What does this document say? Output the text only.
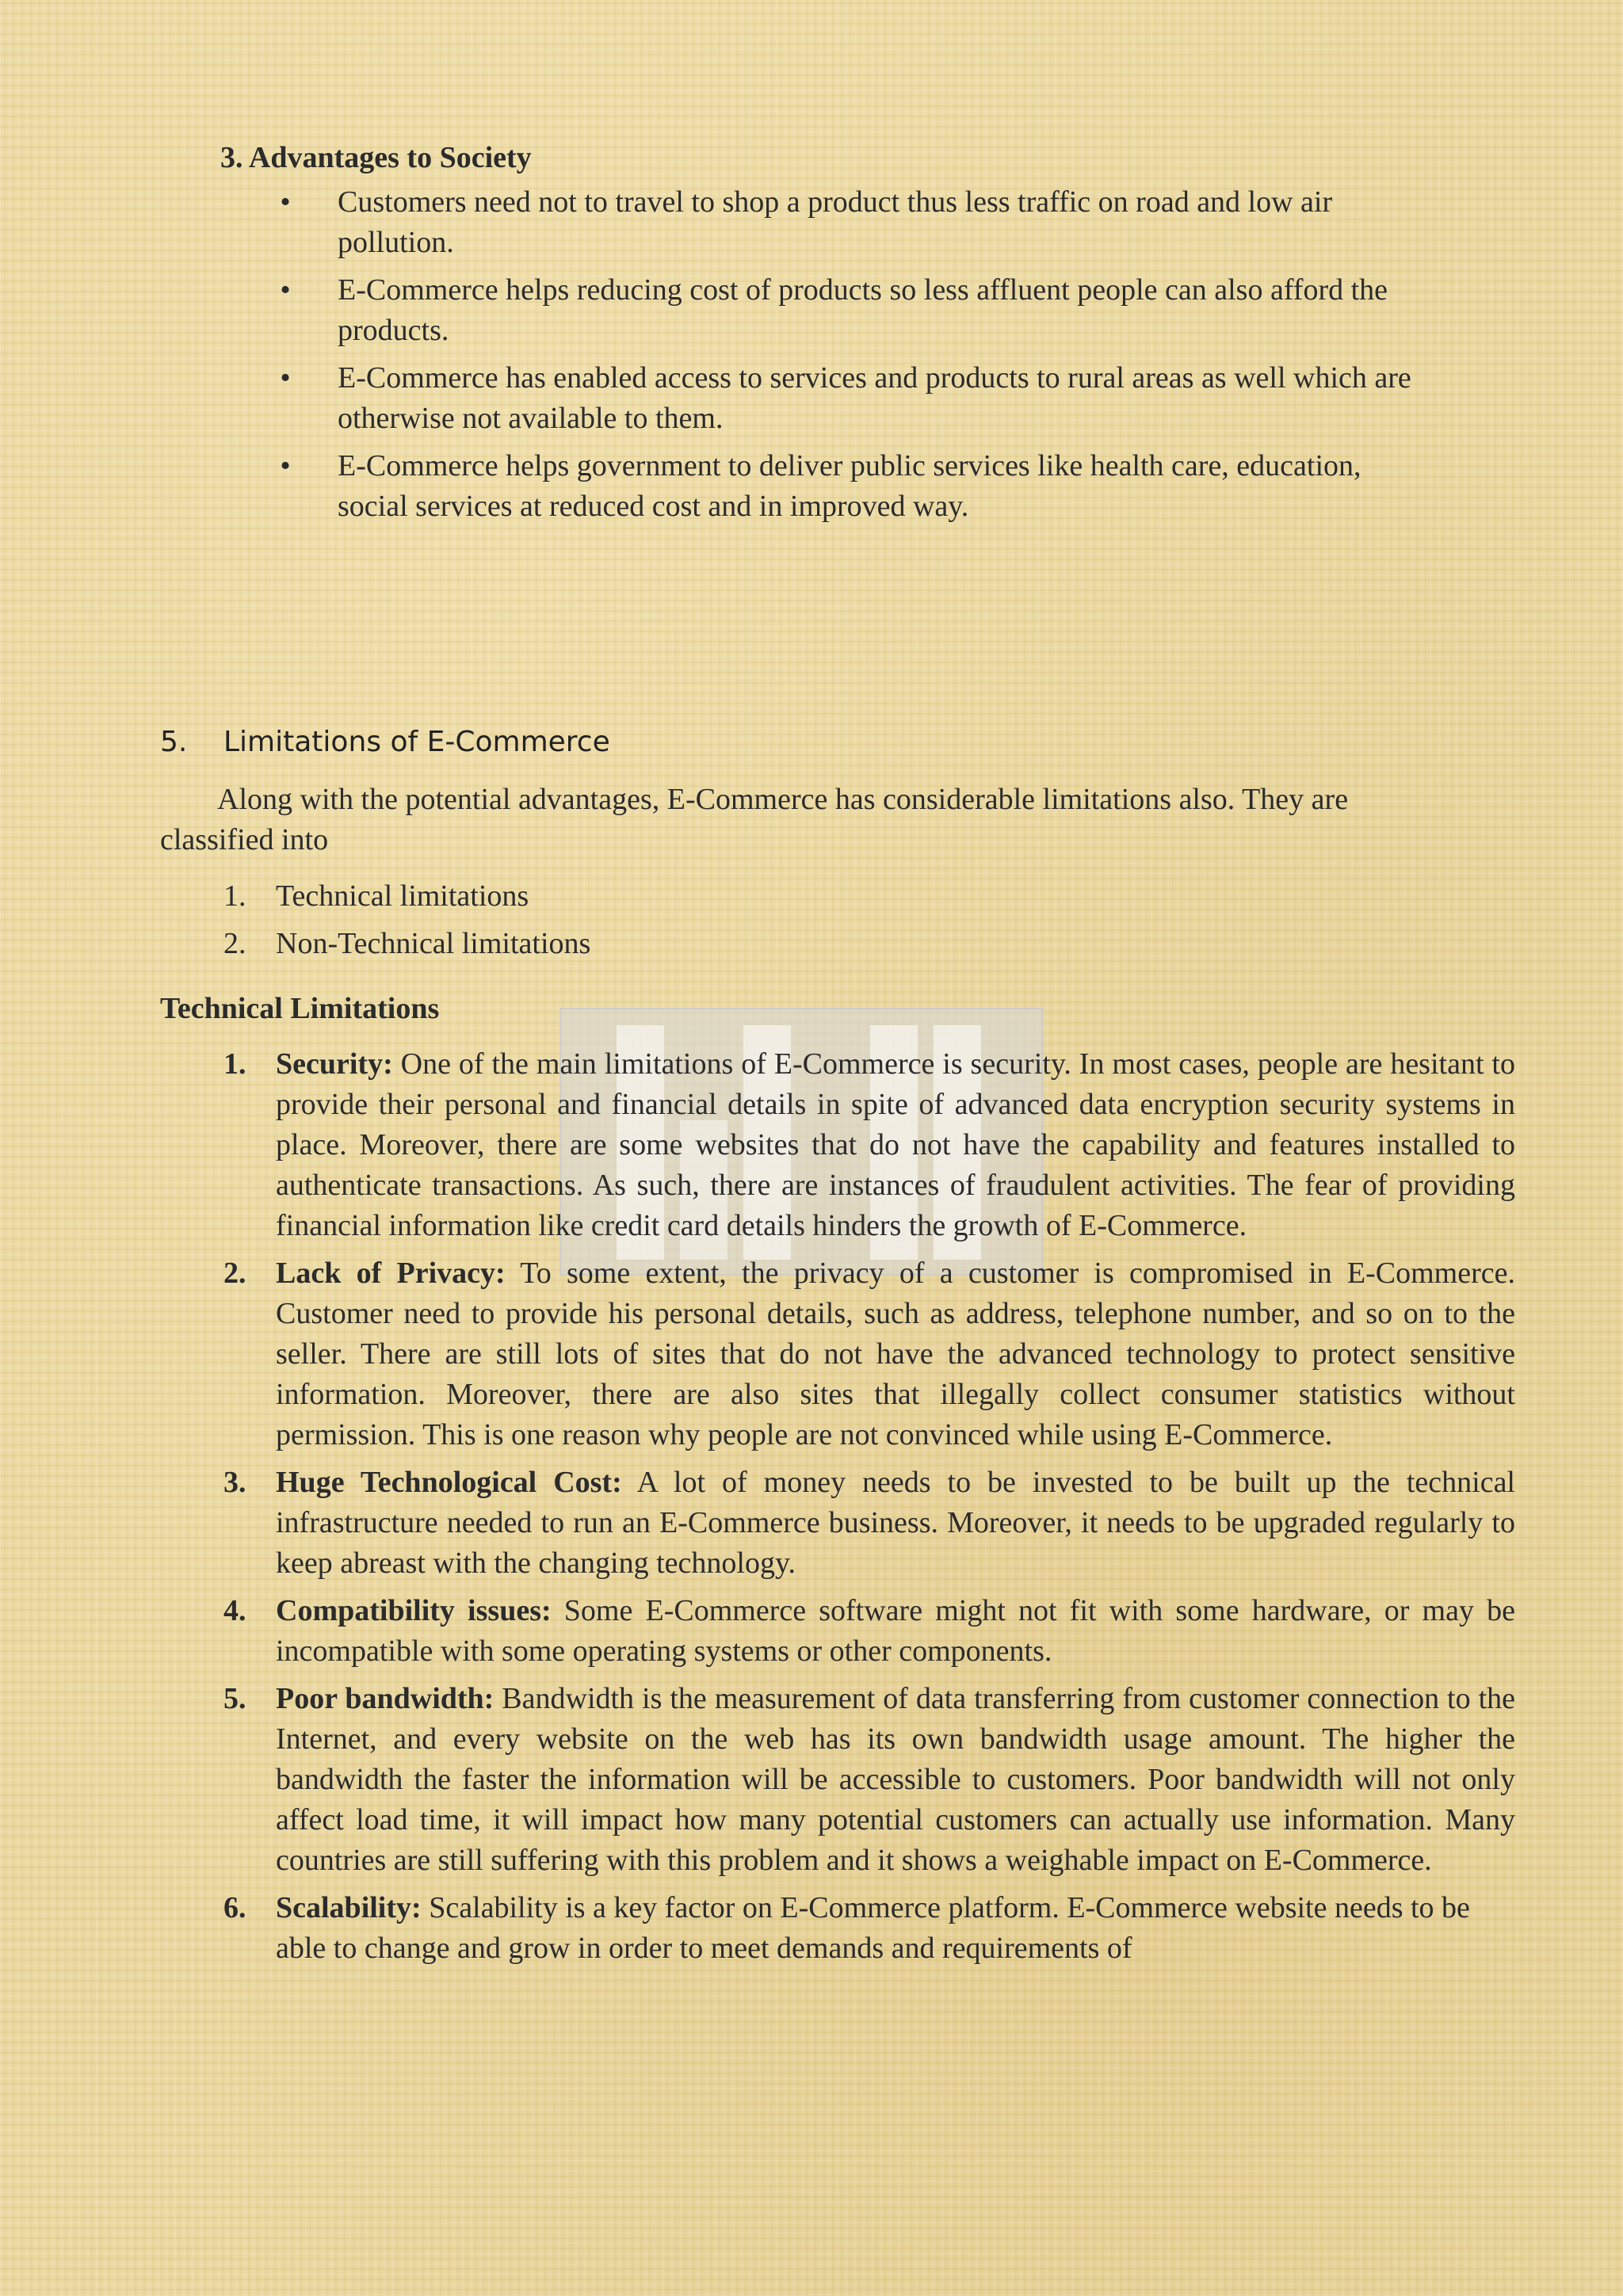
3. Advantages to Society
•	Customers need not to travel to shop a product thus less traffic on road and low air pollution.
•	E-Commerce helps reducing cost of products so less affluent people can also afford the products.
•	E-Commerce has enabled access to services and products to rural areas as well which are otherwise not available to them.
•	E-Commerce helps government to deliver public services like health care, education, social services at reduced cost and in improved way.
5. Limitations of E-Commerce

Along with the potential advantages, E-Commerce has considerable limitations also. They are classified into

1. Technical limitations
2. Non-Technical limitations
Technical Limitations
1. Security: One of the main limitations of E-Commerce is security. In most cases, people are hesitant to provide their personal and financial details in spite of advanced data encryption security systems in place. Moreover, there are some websites that do not have the capability and features installed to authenticate transactions. As such, there are instances of fraudulent activities. The fear of providing financial information like credit card details hinders the growth of E-Commerce.
2. Lack of Privacy: To some extent, the privacy of a customer is compromised in E-Commerce. Customer need to provide his personal details, such as address, telephone number, and so on to the seller. There are still lots of sites that do not have the advanced technology to protect sensitive information. Moreover, there are also sites that illegally collect consumer statistics without permission. This is one reason why people are not convinced while using E-Commerce.
3. Huge Technological Cost: A lot of money needs to be invested to be built up the technical infrastructure needed to run an E-Commerce business. Moreover, it needs to be upgraded regularly to keep abreast with the changing technology.
4. Compatibility issues: Some E-Commerce software might not fit with some hardware, or may be incompatible with some operating systems or other components.
5. Poor bandwidth: Bandwidth is the measurement of data transferring from customer connection to the Internet, and every website on the web has its own bandwidth usage amount. The higher the bandwidth the faster the information will be accessible to customers. Poor bandwidth will not only affect load time, it will impact how many potential customers can actually use information. Many countries are still suffering with this problem and it shows a weighable impact on E-Commerce.
6. Scalability: Scalability is a key factor on E-Commerce platform. E-Commerce website needs to be able to change and grow in order to meet demands and requirements of
